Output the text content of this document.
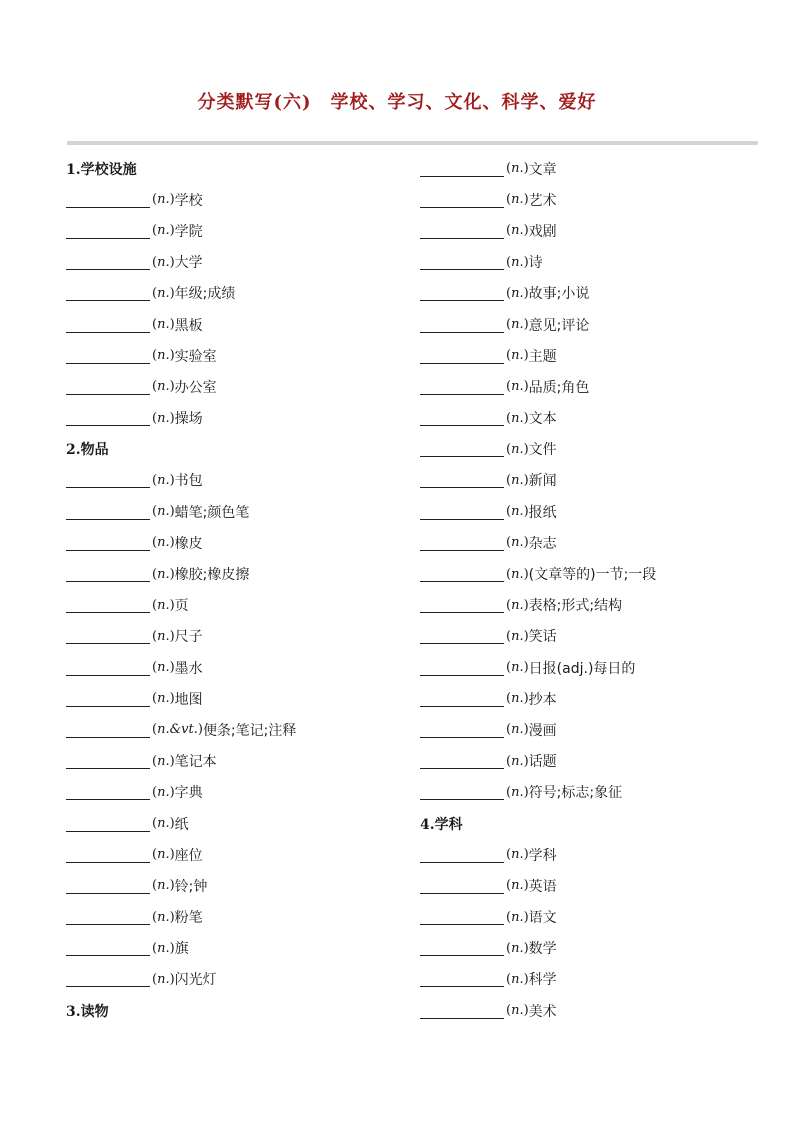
分类默写(六)　学校、学习、文化、科学、爱好
1.学校设施
( n. ) 学校
( n. ) 学院
( n. ) 大学
( n. ) 年级;成绩
( n. ) 黑板
( n. ) 实验室
( n. ) 办公室
( n. ) 操场
2.物品
( n. ) 书包
( n. ) 蜡笔;颜色笔
( n. ) 橡皮
( n. ) 橡胶;橡皮擦
( n. ) 页
( n. ) 尺子
( n. ) 墨水
( n. ) 地图
( n.&vt. ) 便条;笔记;注释
( n. ) 笔记本
( n. ) 字典
( n. ) 纸
( n. ) 座位
( n. ) 铃;钟
( n. ) 粉笔
( n. ) 旗
( n. ) 闪光灯
3.读物
( n. ) 文章
( n. ) 艺术
( n. ) 戏剧
( n. ) 诗
( n. ) 故事;小说
( n. ) 意见;评论
( n. ) 主题
( n. ) 品质;角色
( n. ) 文本
( n. ) 文件
( n. ) 新闻
( n. ) 报纸
( n. ) 杂志
( n. ) (文章等的)一节;一段
( n. ) 表格;形式;结构
( n. ) 笑话
( n. ) 日报(adj.)每日的
( n. ) 抄本
( n. ) 漫画
( n. ) 话题
( n. ) 符号;标志;象征
4.学科
( n. ) 学科
( n. ) 英语
( n. ) 语文
( n. ) 数学
( n. ) 科学
( n. ) 美术
